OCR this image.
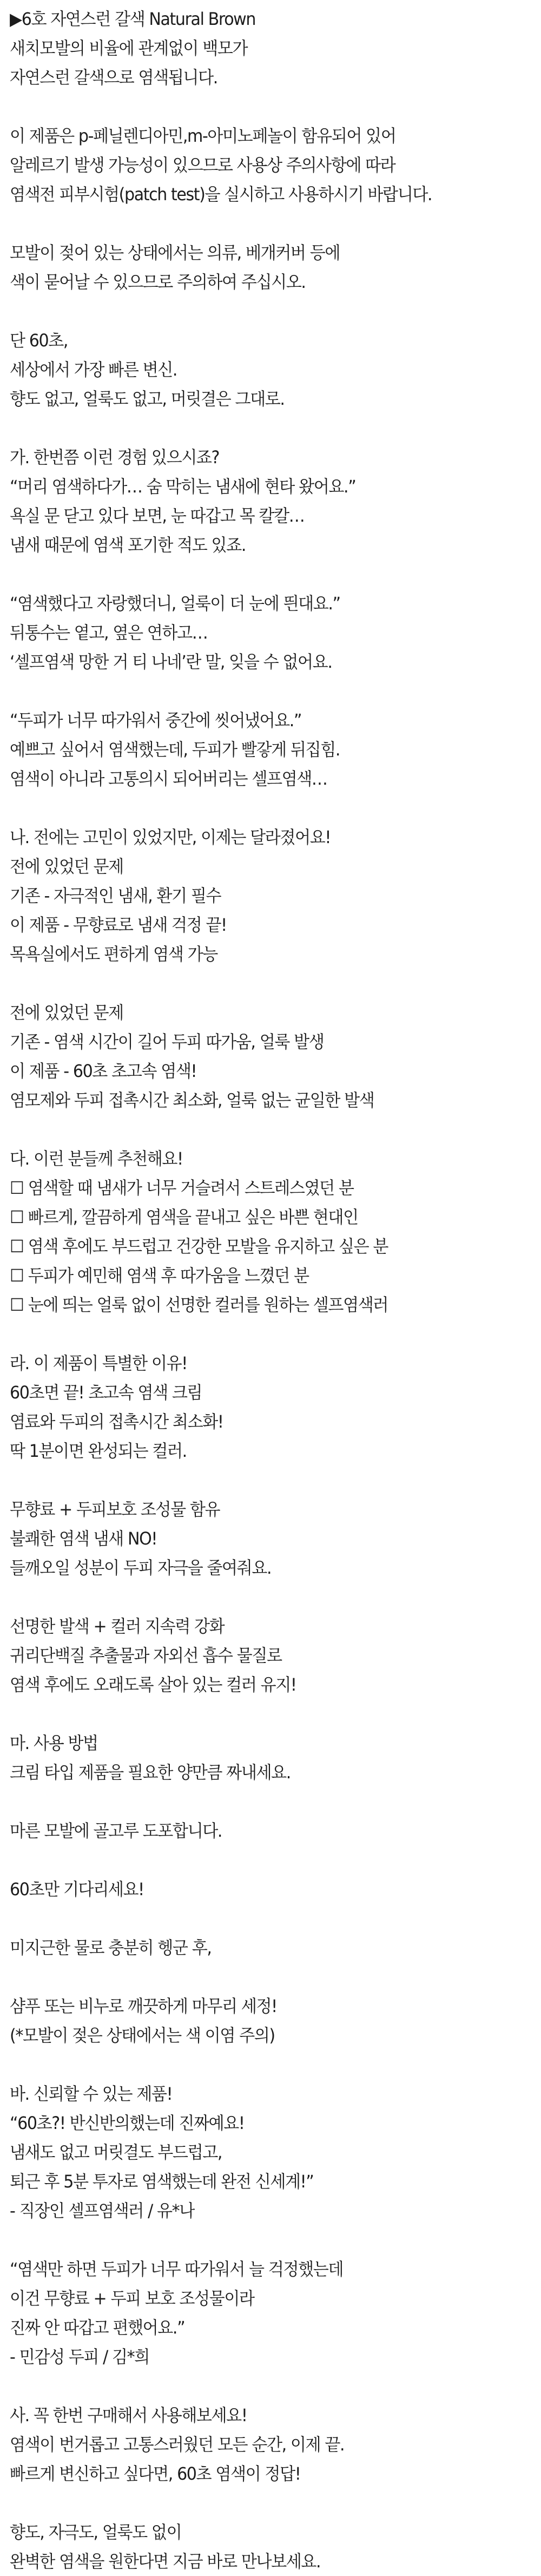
▶6호 자연스런 갈색 Natural Brown
새치모발의 비율에 관계없이 백모가
자연스런 갈색으로 염색됩니다.
이 제품은 p-페닐렌디아민,m-아미노페놀이 함유되어 있어
알레르기 발생 가능성이 있으므로 사용상 주의사항에 따라
염색전 피부시험(patch test)을 실시하고 사용하시기 바랍니다.
모발이 젖어 있는 상태에서는 의류, 베개커버 등에
색이 묻어날 수 있으므로 주의하여 주십시오.
단 60초,
세상에서 가장 빠른 변신.
향도 없고, 얼룩도 없고, 머릿결은 그대로.
가. 한번쯤 이런 경험 있으시죠?
“머리 염색하다가… 숨 막히는 냄새에 현타 왔어요.”
욕실 문 닫고 있다 보면, 눈 따갑고 목 칼칼…
냄새 때문에 염색 포기한 적도 있죠.
“염색했다고 자랑했더니, 얼룩이 더 눈에 띈대요.”
뒤통수는 옅고, 옆은 연하고…
‘셀프염색 망한 거 티 나네’란 말, 잊을 수 없어요.
“두피가 너무 따가워서 중간에 씻어냈어요.”
예쁘고 싶어서 염색했는데, 두피가 빨갛게 뒤집힘.
염색이 아니라 고통의시 되어버리는 셀프염색…
나. 전에는 고민이 있었지만, 이제는 달라졌어요!
전에 있었던 문제
기존 - 자극적인 냄새, 환기 필수
이 제품 - 무향료로 냄새 걱정 끝!
목욕실에서도 편하게 염색 가능
전에 있었던 문제
기존 - 염색 시간이 길어 두피 따가움, 얼룩 발생
이 제품 - 60초 초고속 염색!
염모제와 두피 접촉시간 최소화, 얼룩 없는 균일한 발색
다. 이런 분들께 추천해요!
☐ 염색할 때 냄새가 너무 거슬려서 스트레스였던 분
☐ 빠르게, 깔끔하게 염색을 끝내고 싶은 바쁜 현대인
☐ 염색 후에도 부드럽고 건강한 모발을 유지하고 싶은 분
☐ 두피가 예민해 염색 후 따가움을 느꼈던 분
☐ 눈에 띄는 얼룩 없이 선명한 컬러를 원하는 셀프염색러
라. 이 제품이 특별한 이유!
60초면 끝! 초고속 염색 크림
염료와 두피의 접촉시간 최소화!
딱 1분이면 완성되는 컬러.
무향료 + 두피보호 조성물 함유
불쾌한 염색 냄새 NO!
들깨오일 성분이 두피 자극을 줄여줘요.
선명한 발색 + 컬러 지속력 강화
귀리단백질 추출물과 자외선 흡수 물질로
염색 후에도 오래도록 살아 있는 컬러 유지!
마. 사용 방법
크림 타입 제품을 필요한 양만큼 짜내세요.
마른 모발에 골고루 도포합니다.
60초만 기다리세요!
미지근한 물로 충분히 헹군 후,
샴푸 또는 비누로 깨끗하게 마무리 세정!
(*모발이 젖은 상태에서는 색 이염 주의)
바. 신뢰할 수 있는 제품!
“60초?! 반신반의했는데 진짜예요!
냄새도 없고 머릿결도 부드럽고,
퇴근 후 5분 투자로 염색했는데 완전 신세계!”
- 직장인 셀프염색러 / 유*나
“염색만 하면 두피가 너무 따가워서 늘 걱정했는데
이건 무향료 + 두피 보호 조성물이라
진짜 안 따갑고 편했어요.”
- 민감성 두피 / 김*희
사. 꼭 한번 구매해서 사용해보세요!
염색이 번거롭고 고통스러웠던 모든 순간, 이제 끝.
빠르게 변신하고 싶다면, 60초 염색이 정답!
향도, 자극도, 얼룩도 없이
완벽한 염색을 원한다면 지금 바로 만나보세요.
